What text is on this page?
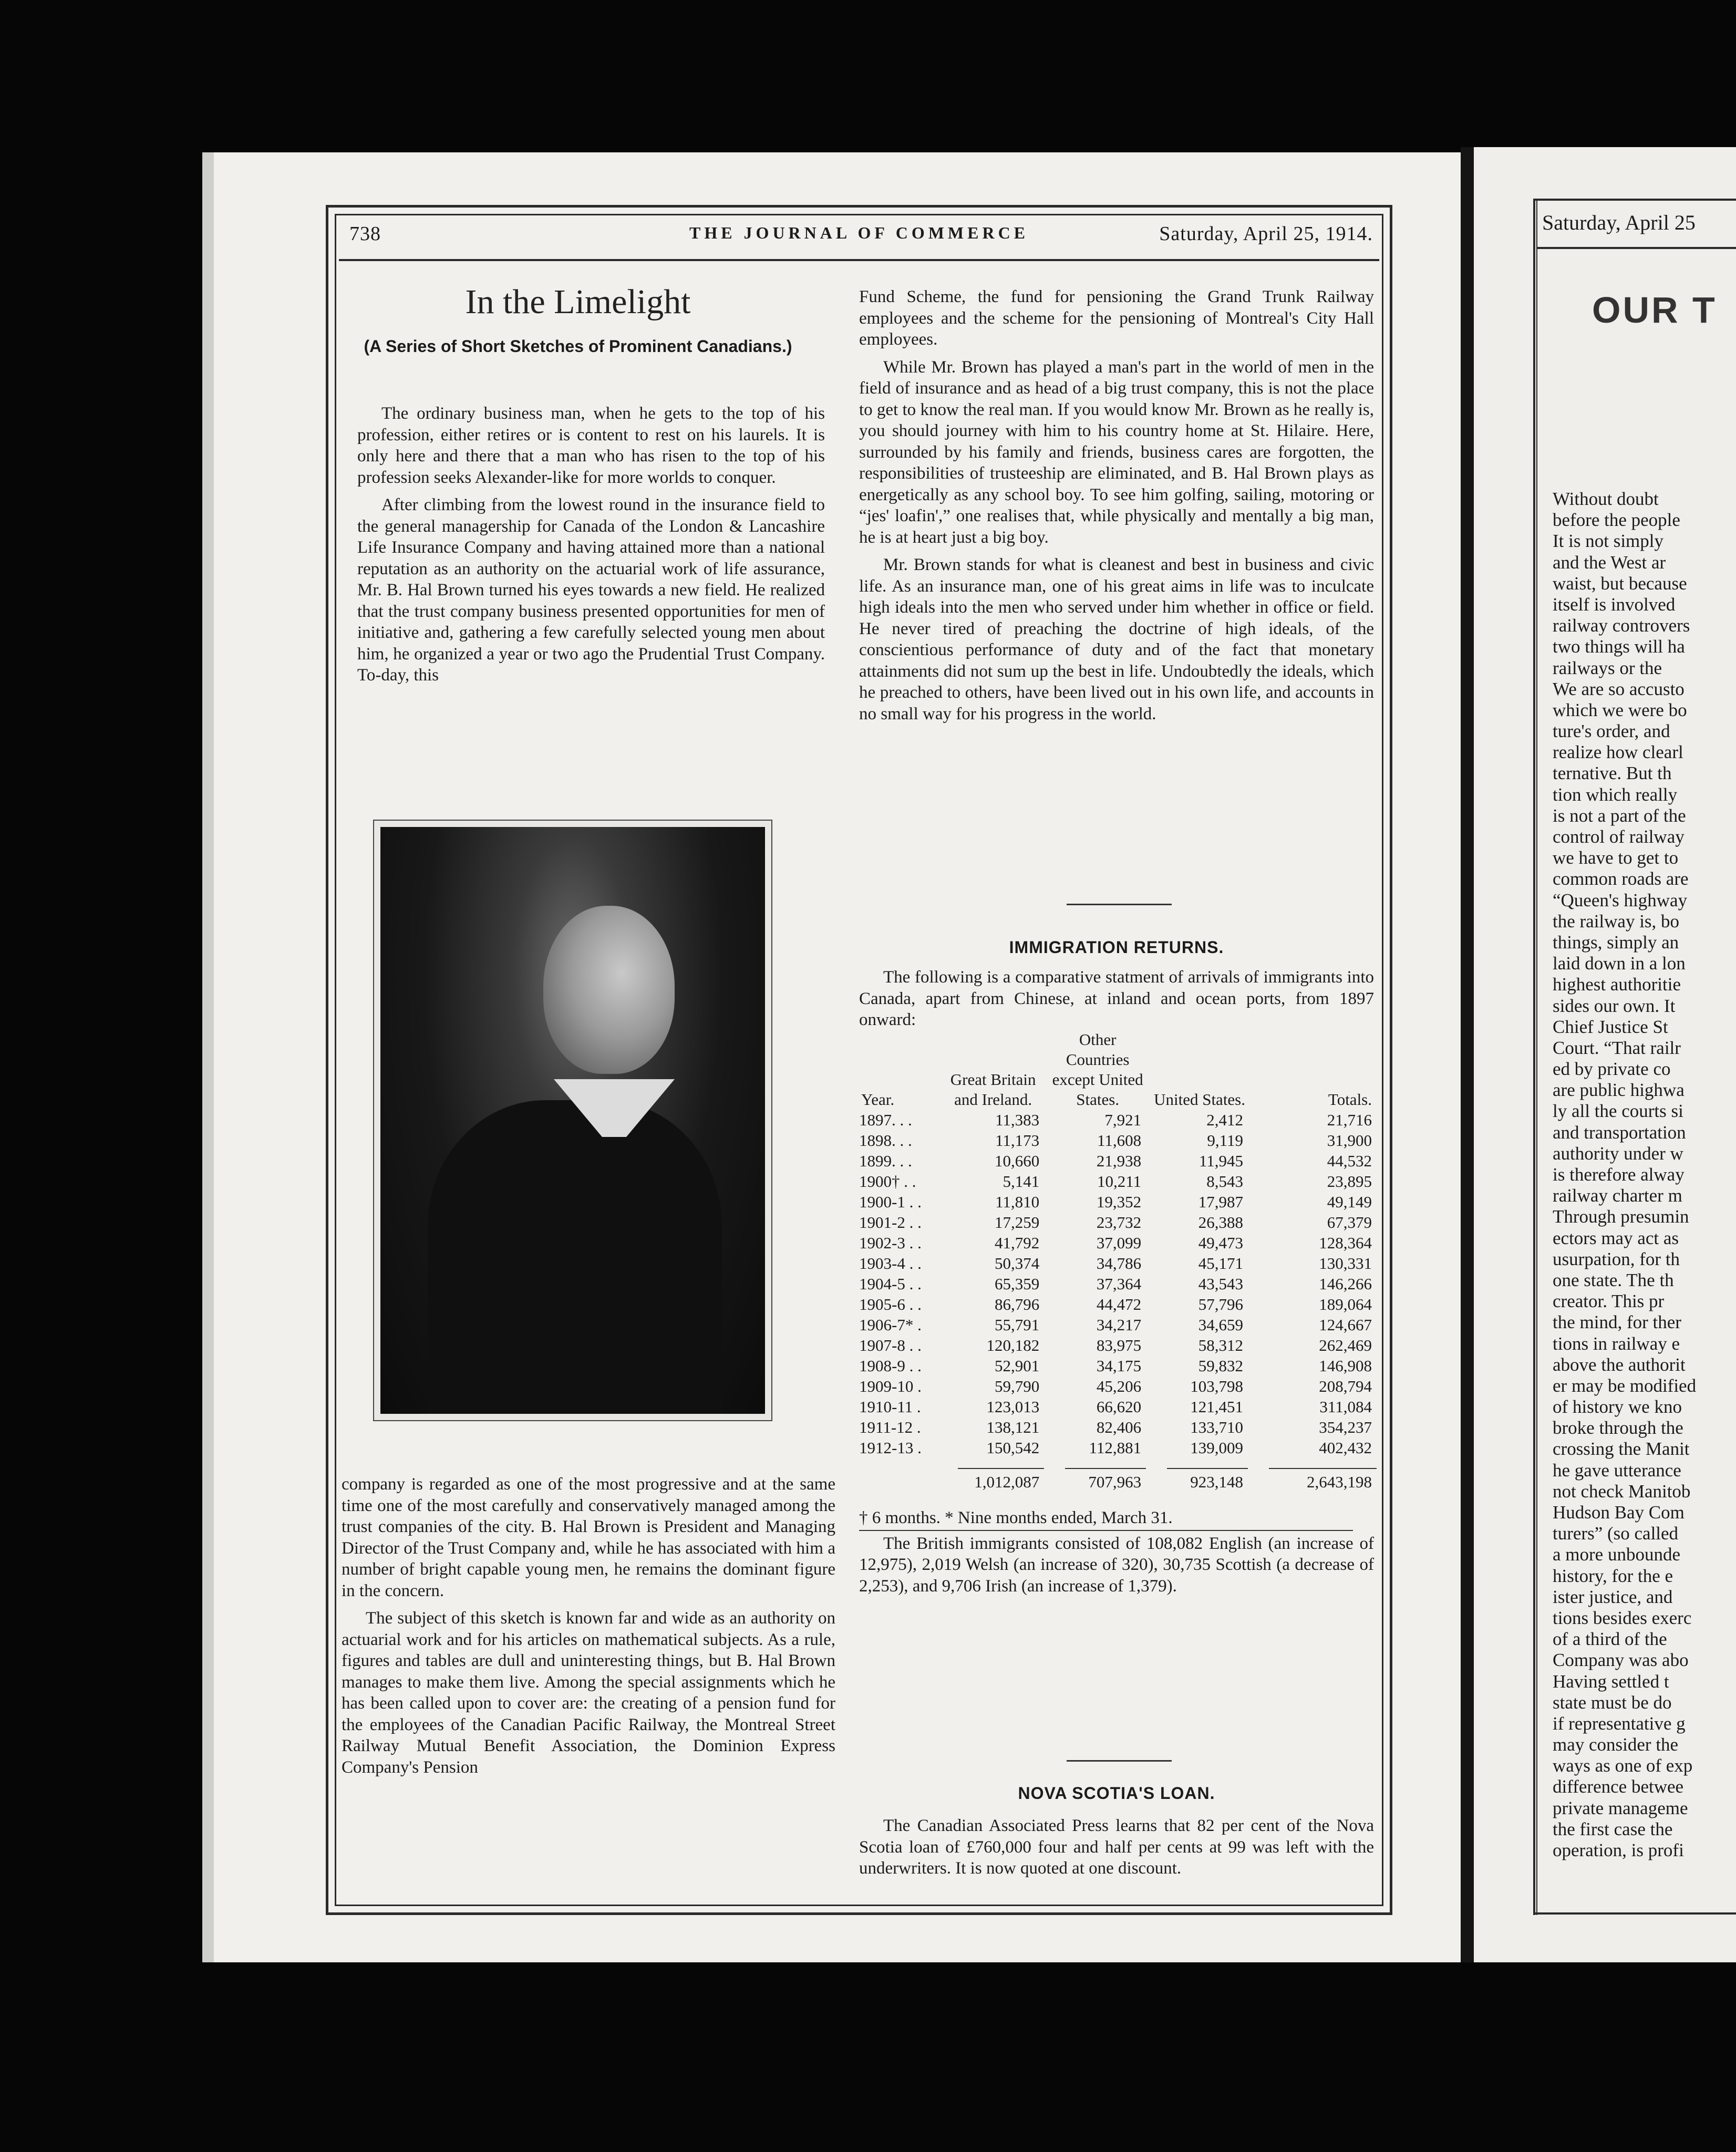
738	THE JOURNAL OF COMMERCE	Saturday, April 25, 1914.
In the Limelight
(A Series of Short Sketches of Prominent Canadians.)

The ordinary business man, when he gets to the top of his profession, either retires or is content to rest on his laurels. It is only here and there that a man who has risen to the top of his profession seeks Alexander-like for more worlds to conquer.

After climbing from the lowest round in the insurance field to the general managership for Canada of the London & Lancashire Life Insurance Company and having attained more than a national reputation as an authority on the actuarial work of life assurance, Mr. B. Hal Brown turned his eyes towards a new field. He realized that the trust company business presented opportunities for men of initiative and, gathering a few carefully selected young men about him, he organized a year or two ago the Prudential Trust Company. To-day, this

company is regarded as one of the most progressive and at the same time one of the most carefully and conservatively managed among the trust companies of the city. B. Hal Brown is President and Managing Director of the Trust Company and, while he has associated with him a number of bright capable young men, he remains the dominant figure in the concern.

The subject of this sketch is known far and wide as an authority on actuarial work and for his articles on mathematical subjects. As a rule, figures and tables are dull and uninteresting things, but B. Hal Brown manages to make them live. Among the special assignments which he has been called upon to cover are: the creating of a pension fund for the employees of the Canadian Pacific Railway, the Montreal Street Railway Mutual Benefit Association, the Dominion Express Company's Pension

Fund Scheme, the fund for pensioning the Grand Trunk Railway employees and the scheme for the pensioning of Montreal's City Hall employees.

While Mr. Brown has played a man's part in the world of men in the field of insurance and as head of a big trust company, this is not the place to get to know the real man. If you would know Mr. Brown as he really is, you should journey with him to his country home at St. Hilaire. Here, surrounded by his family and friends, business cares are forgotten, the responsibilities of trusteeship are eliminated, and B. Hal Brown plays as energetically as any school boy. To see him golfing, sailing, motoring or “jes' loafin',” one realises that, while physically and mentally a big man, he is at heart just a big boy.

Mr. Brown stands for what is cleanest and best in business and civic life. As an insurance man, one of his great aims in life was to inculcate high ideals into the men who served under him whether in office or field. He never tired of preaching the doctrine of high ideals, of the conscientious performance of duty and of the fact that monetary attainments did not sum up the best in life. Undoubtedly the ideals, which he preached to others, have been lived out in his own life, and accounts in no small way for his progress in the world.

IMMIGRATION RETURNS.

The following is a comparative statment of arrivals of immigrants into Canada, apart from Chinese, at inland and ocean ports, from 1897 onward:

Year.	Great Britain and Ireland.	Other Countries except United States.	United States.	Totals.
1897. . .	11,383	7,921	2,412	21,716
1898. . .	11,173	11,608	9,119	31,900
1899. . .	10,660	21,938	11,945	44,532
1900† . .	5,141	10,211	8,543	23,895
1900-1 . .	11,810	19,352	17,987	49,149
1901-2 . .	17,259	23,732	26,388	67,379
1902-3 . .	41,792	37,099	49,473	128,364
1903-4 . .	50,374	34,786	45,171	130,331
1904-5 . .	65,359	37,364	43,543	146,266
1905-6 . .	86,796	44,472	57,796	189,064
1906-7* .	55,791	34,217	34,659	124,667
1907-8 . .	120,182	83,975	58,312	262,469
1908-9 . .	52,901	34,175	59,832	146,908
1909-10 .	59,790	45,206	103,798	208,794
1910-11 .	123,013	66,620	121,451	311,084
1911-12 .	138,121	82,406	133,710	354,237
1912-13 .	150,542	112,881	139,009	402,432
	1,012,087	707,963	923,148	2,643,198

† 6 months. * Nine months ended, March 31.

The British immigrants consisted of 108,082 English (an increase of 12,975), 2,019 Welsh (an increase of 320), 30,735 Scottish (a decrease of 2,253), and 9,706 Irish (an increase of 1,379).

NOVA SCOTIA'S LOAN.

The Canadian Associated Press learns that 82 per cent of the Nova Scotia loan of £760,000 four and half per cents at 99 was left with the underwriters. It is now quoted at one discount.

Saturday, April 25
OUR T
Without doubt
before the people
It is not simply
and the West ar
waist, but because
itself is involved
railway controvers
two things will ha
railways or the
We are so accusto
which we were bo
ture's order, and
realize how clearl
ternative. But th
tion which really
is not a part of the
control of railway
we have to get to
common roads are
“Queen's highway
the railway is, bo
things, simply an
laid down in a lon
highest authoritie
sides our own. It
Chief Justice St
Court. “That railr
ed by private co
are public highwa
ly all the courts si
and transportation
authority under w
is therefore alway
railway charter m
Through presumin
ectors may act as
usurpation, for th
one state. The th
creator. This pr
the mind, for ther
tions in railway e
above the authorit
er may be modified
of history we kno
broke through the
crossing the Manit
he gave utterance
not check Manitob
Hudson Bay Com
turers” (so called
a more unbounde
history, for the e
ister justice, and
tions besides exerc
of a third of the
Company was abo
Having settled t
state must be do
if representative g
may consider the
ways as one of exp
difference betwee
private manageme
the first case the
operation, is profi
